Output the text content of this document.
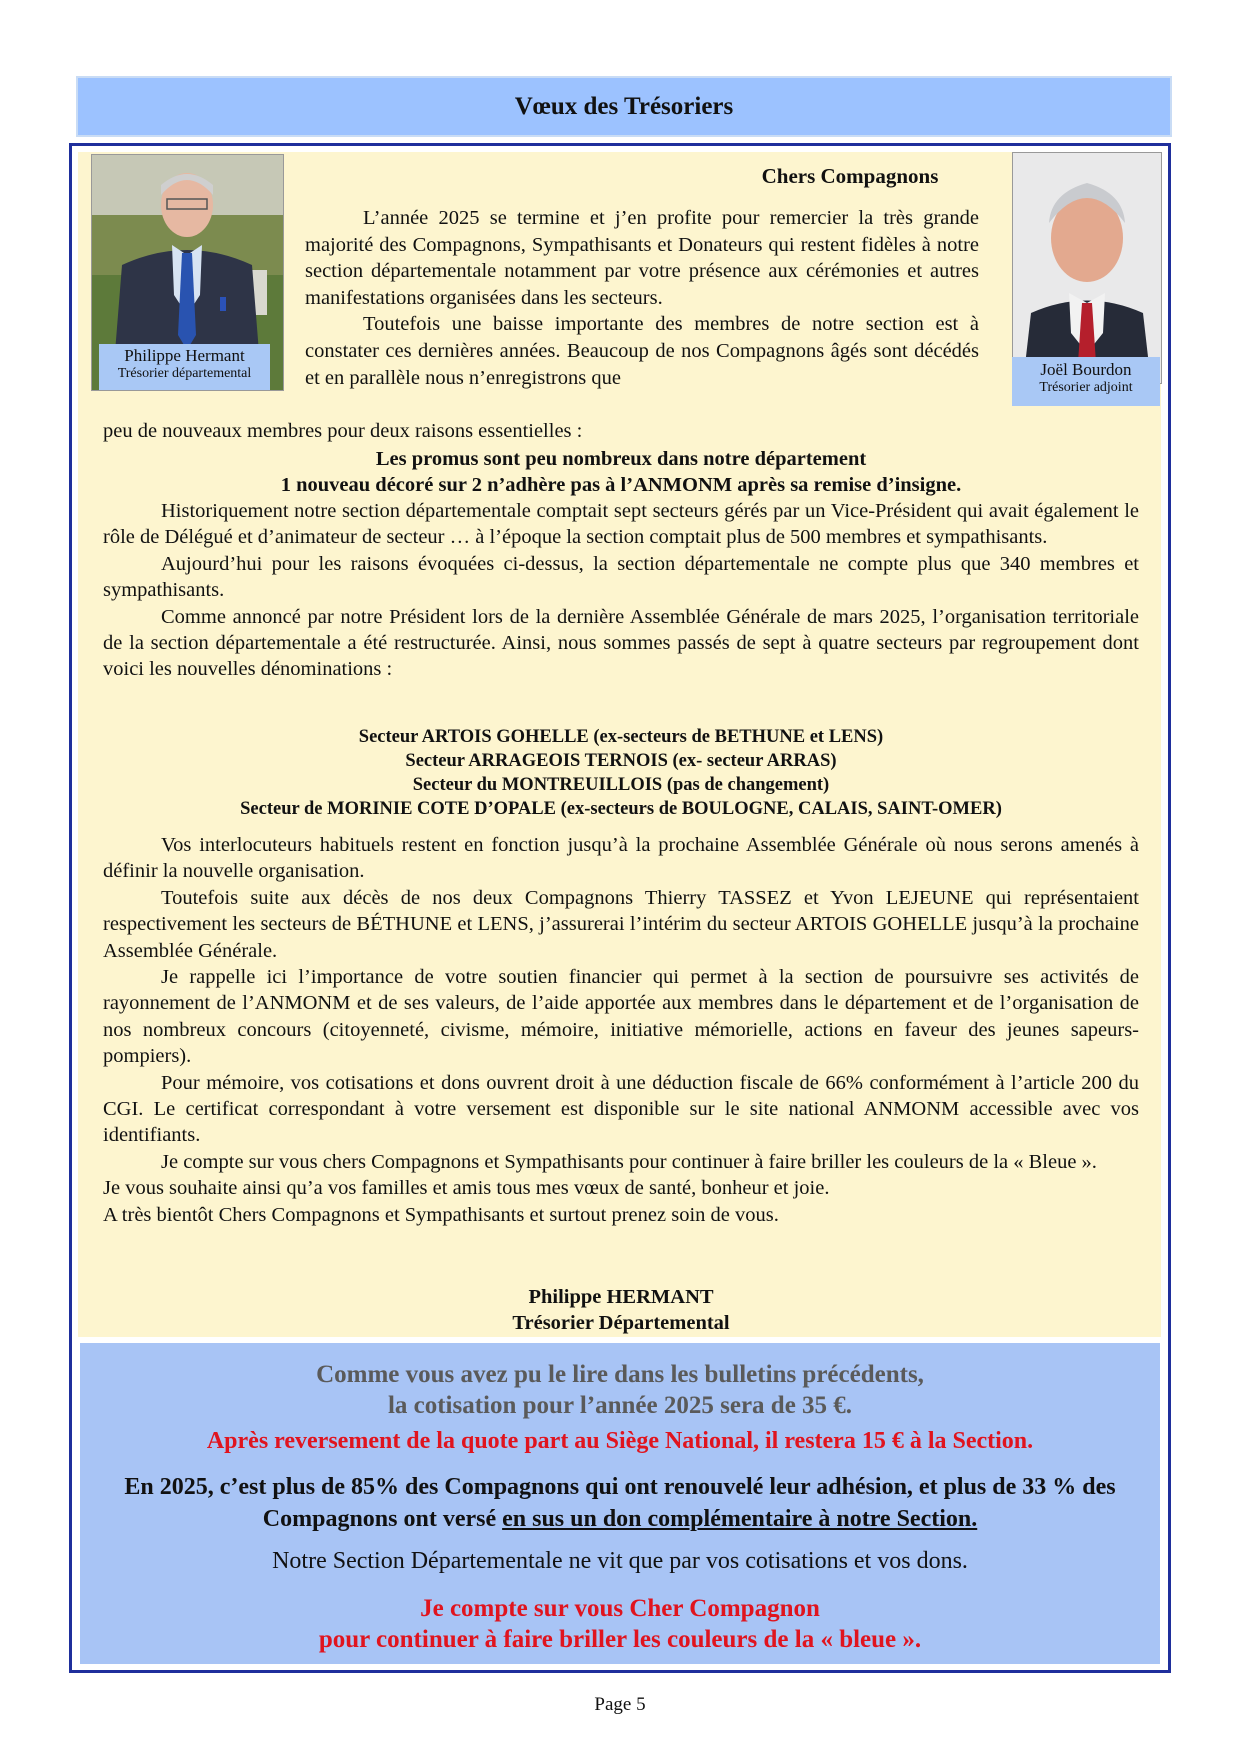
Vœux des Trésoriers
Philippe Hermant
Trésorier départemental	Joël Bourdon
Trésorier adjoint
Chers Compagnons

L’année 2025 se termine et j’en profite pour remercier la très grande majorité des Compagnons, Sympathisants et Donateurs qui restent fidèles à notre section départementale notamment par votre présence aux cérémonies et autres manifestations organisées dans les secteurs.

Toutefois une baisse importante des membres de notre section est à constater ces dernières années. Beaucoup de nos Compagnons âgés sont décédés et en parallèle nous n’enregistrons que

peu de nouveaux membres pour deux raisons essentielles :
Les promus sont peu nombreux dans notre département
1 nouveau décoré sur 2 n’adhère pas à l’ANMONM après sa remise d’insigne.

Historiquement notre section départementale comptait sept secteurs gérés par un Vice-Président qui avait également le rôle de Délégué et d’animateur de secteur … à l’époque la section comptait plus de 500 membres et sympathisants.

Aujourd’hui pour les raisons évoquées ci-dessus, la section départementale ne compte plus que 340 membres et sympathisants.

Comme annoncé par notre Président lors de la dernière Assemblée Générale de mars 2025, l’organisation territoriale de la section départementale a été restructurée. Ainsi, nous sommes passés de sept à quatre secteurs par regroupement dont voici les nouvelles dénominations :

Secteur ARTOIS GOHELLE (ex-secteurs de BETHUNE et LENS)
Secteur ARRAGEOIS TERNOIS (ex- secteur ARRAS)
Secteur du MONTREUILLOIS (pas de changement)
Secteur de MORINIE COTE D’OPALE (ex-secteurs de BOULOGNE, CALAIS, SAINT-OMER)

Vos interlocuteurs habituels restent en fonction jusqu’à la prochaine Assemblée Générale où nous serons amenés à définir la nouvelle organisation.

Toutefois suite aux décès de nos deux Compagnons Thierry TASSEZ et Yvon LEJEUNE qui représentaient respectivement les secteurs de BÉTHUNE et LENS, j’assurerai l’intérim du secteur ARTOIS GOHELLE jusqu’à la prochaine Assemblée Générale.

Je rappelle ici l’importance de votre soutien financier qui permet à la section de poursuivre ses activités de rayonnement de l’ANMONM et de ses valeurs, de l’aide apportée aux membres dans le département et de l’organisation de nos nombreux concours (citoyenneté, civisme, mémoire, initiative mémorielle, actions en faveur des jeunes sapeurs-pompiers).

Pour mémoire, vos cotisations et dons ouvrent droit à une déduction fiscale de 66% conformément à l’article 200 du CGI. Le certificat correspondant à votre versement est disponible sur le site national ANMONM accessible avec vos identifiants.

Je compte sur vous chers Compagnons et Sympathisants pour continuer à faire briller les couleurs de la « Bleue ».

Je vous souhaite ainsi qu’a vos familles et amis tous mes vœux de santé, bonheur et joie.

A très bientôt Chers Compagnons et Sympathisants et surtout prenez soin de vous.

Philippe HERMANT
Trésorier Départemental
Comme vous avez pu le lire dans les bulletins précédents,
la cotisation pour l’année 2025 sera de 35 €.
Après reversement de la quote part au Siège National, il restera 15 € à la Section.
En 2025, c’est plus de 85% des Compagnons qui ont renouvelé leur adhésion, et plus de 33 % des Compagnons ont versé en sus un don complémentaire à notre Section.
Notre Section Départementale ne vit que par vos cotisations et vos dons.
Je compte sur vous Cher Compagnon
pour continuer à faire briller les couleurs de la « bleue ».
Page 5
